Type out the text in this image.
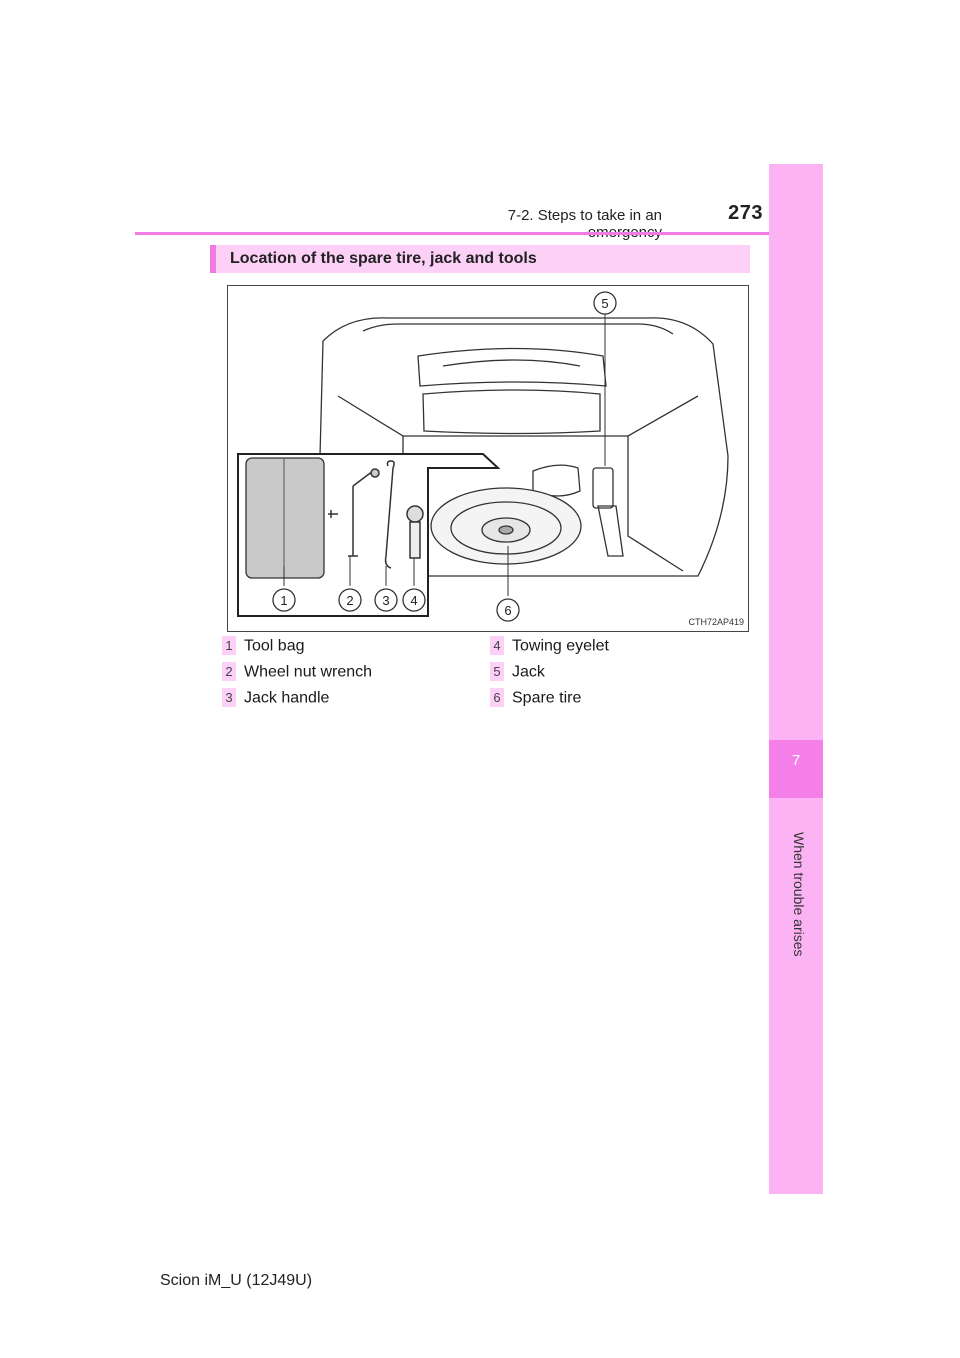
7-2. Steps to take in an	273
7
When trouble arises
Location of the spare tire, jack and tools
5
6
1	2 3 4
CTH72AP419
1 Tool bag
2 Wheel nut wrench
3 Jack handle
4 Towing eyelet
5 Jack
6 Spare tire
Scion iM_U (12J49U)
